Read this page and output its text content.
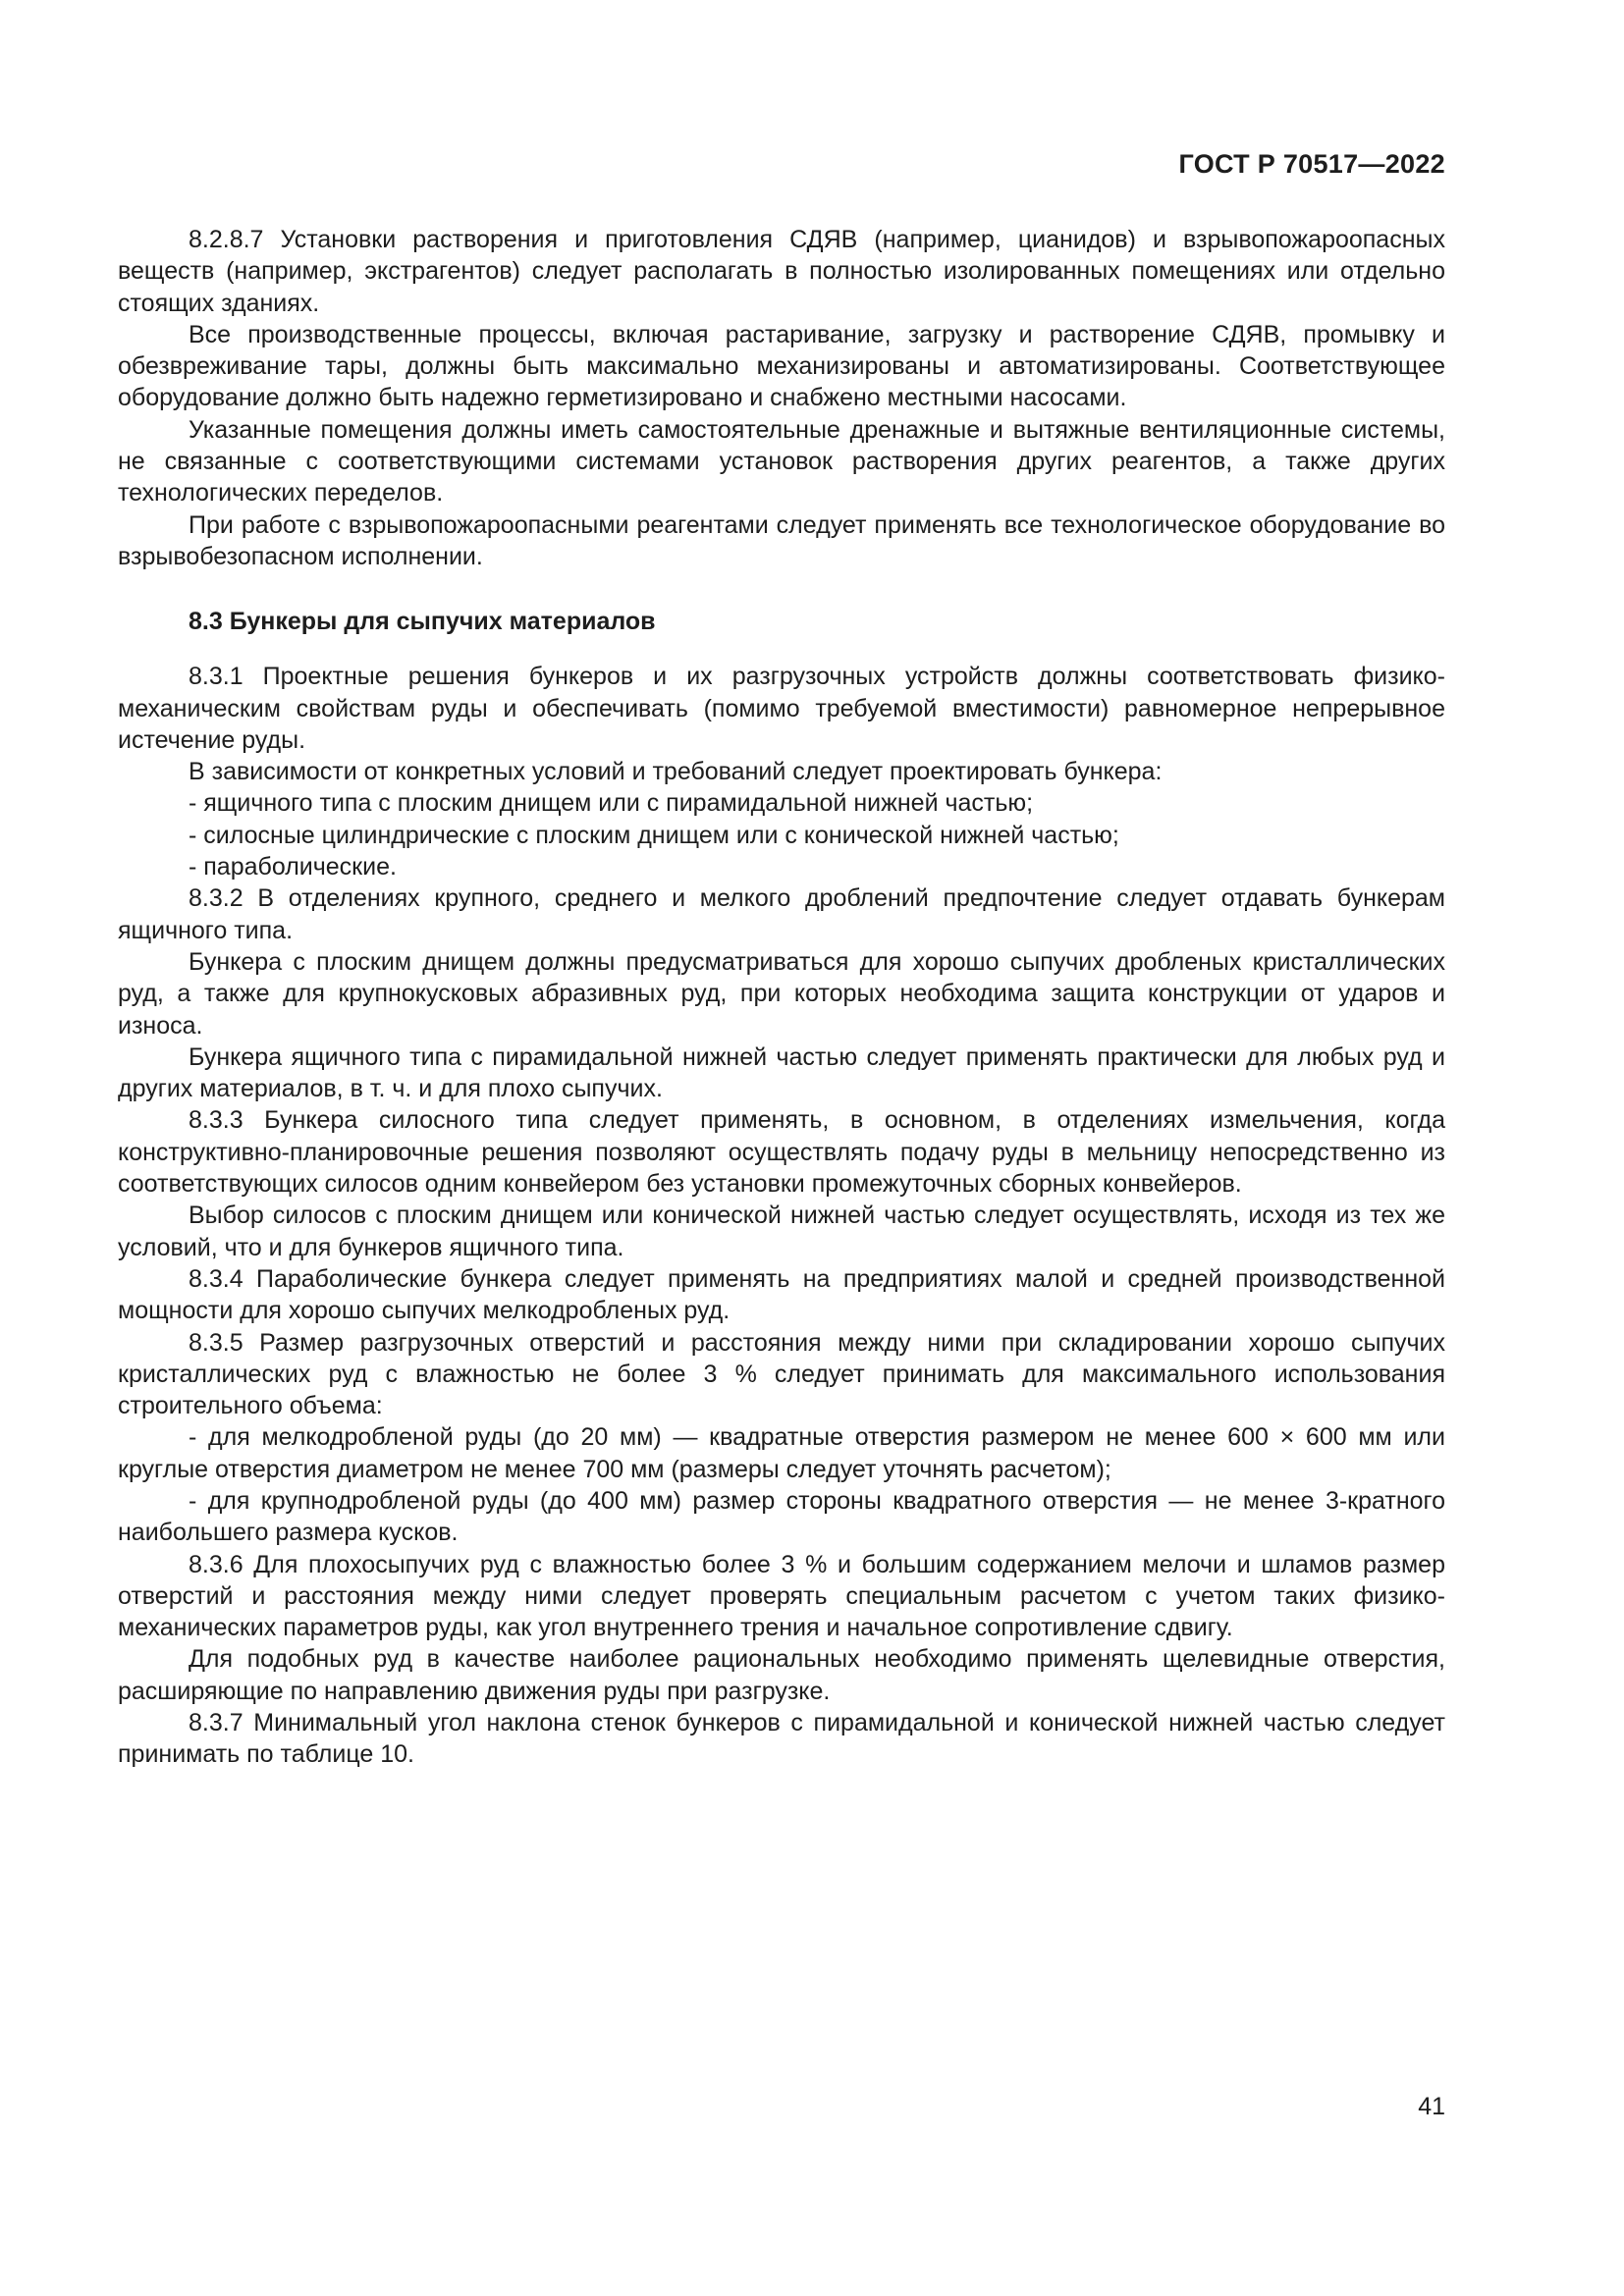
ГОСТ Р 70517—2022

8.2.8.7 Установки растворения и приготовления СДЯВ (например, цианидов) и взрывопожароопасных веществ (например, экстрагентов) следует располагать в полностью изолированных помещениях или отдельно стоящих зданиях.

Все производственные процессы, включая растаривание, загрузку и растворение СДЯВ, промывку и обезвреживание тары, должны быть максимально механизированы и автоматизированы. Соответствующее оборудование должно быть надежно герметизировано и снабжено местными насосами.

Указанные помещения должны иметь самостоятельные дренажные и вытяжные вентиляционные системы, не связанные с соответствующими системами установок растворения других реагентов, а также других технологических переделов.

При работе с взрывопожароопасными реагентами следует применять все технологическое оборудование во взрывобезопасном исполнении.

8.3 Бункеры для сыпучих материалов

8.3.1 Проектные решения бункеров и их разгрузочных устройств должны соответствовать физико-механическим свойствам руды и обеспечивать (помимо требуемой вместимости) равномерное непрерывное истечение руды.

В зависимости от конкретных условий и требований следует проектировать бункера:

- ящичного типа с плоским днищем или с пирамидальной нижней частью;

- силосные цилиндрические с плоским днищем или с конической нижней частью;

- параболические.

8.3.2 В отделениях крупного, среднего и мелкого дроблений предпочтение следует отдавать бункерам ящичного типа.

Бункера с плоским днищем должны предусматриваться для хорошо сыпучих дробленых кристаллических руд, а также для крупнокусковых абразивных руд, при которых необходима защита конструкции от ударов и износа.

Бункера ящичного типа с пирамидальной нижней частью следует применять практически для любых руд и других материалов, в т. ч. и для плохо сыпучих.

8.3.3 Бункера силосного типа следует применять, в основном, в отделениях измельчения, когда конструктивно-планировочные решения позволяют осуществлять подачу руды в мельницу непосредственно из соответствующих силосов одним конвейером без установки промежуточных сборных конвейеров.

Выбор силосов с плоским днищем или конической нижней частью следует осуществлять, исходя из тех же условий, что и для бункеров ящичного типа.

8.3.4 Параболические бункера следует применять на предприятиях малой и средней производственной мощности для хорошо сыпучих мелкодробленых руд.

8.3.5 Размер разгрузочных отверстий и расстояния между ними при складировании хорошо сыпучих кристаллических руд с влажностью не более 3 % следует принимать для максимального использования строительного объема:

- для мелкодробленой руды (до 20 мм) — квадратные отверстия размером не менее 600 × 600 мм или круглые отверстия диаметром не менее 700 мм (размеры следует уточнять расчетом);

- для крупнодробленой руды (до 400 мм) размер стороны квадратного отверстия — не менее 3-кратного наибольшего размера кусков.

8.3.6 Для плохосыпучих руд с влажностью более 3 % и большим содержанием мелочи и шламов размер отверстий и расстояния между ними следует проверять специальным расчетом с учетом таких физико-механических параметров руды, как угол внутреннего трения и начальное сопротивление сдвигу.

Для подобных руд в качестве наиболее рациональных необходимо применять щелевидные отверстия, расширяющие по направлению движения руды при разгрузке.

8.3.7 Минимальный угол наклона стенок бункеров с пирамидальной и конической нижней частью следует принимать по таблице 10.

41
